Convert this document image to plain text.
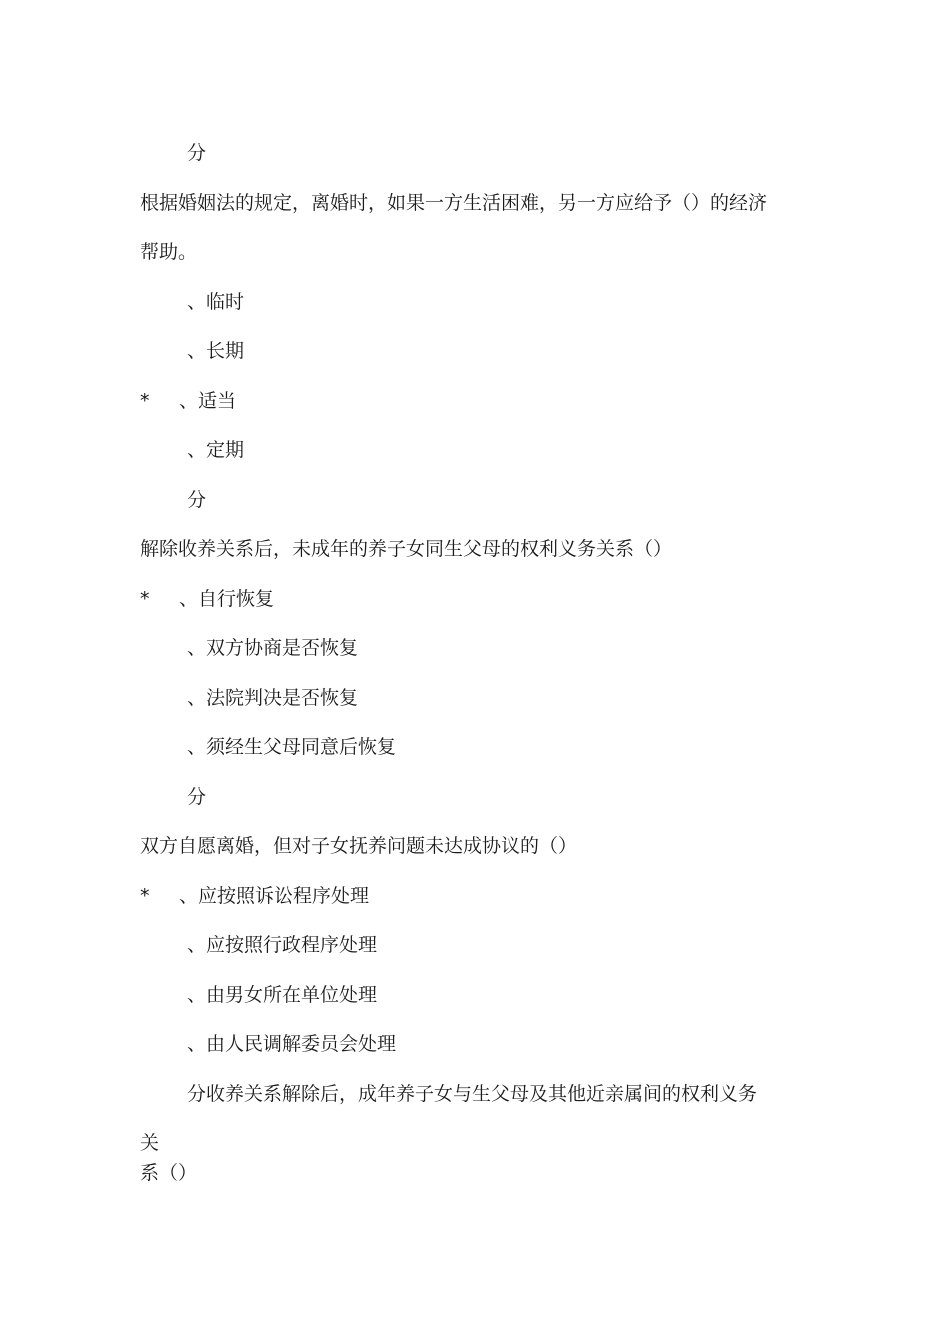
分
根据婚姻法的规定，离婚时，如果一方生活困难，另一方应给予（）的经济
帮助。
、临时
、长期
* 、适当
、定期
分
解除收养关系后，未成年的养子女同生父母的权利义务关系（）
* 、自行恢复
、双方协商是否恢复
、法院判决是否恢复
、须经生父母同意后恢复
分
双方自愿离婚，但对子女抚养问题未达成协议的（）
* 、应按照诉讼程序处理
、应按照行政程序处理
、由男女所在单位处理
、由人民调解委员会处理
分收养关系解除后，成年养子女与生父母及其他近亲属间的权利义务
关
系（）
